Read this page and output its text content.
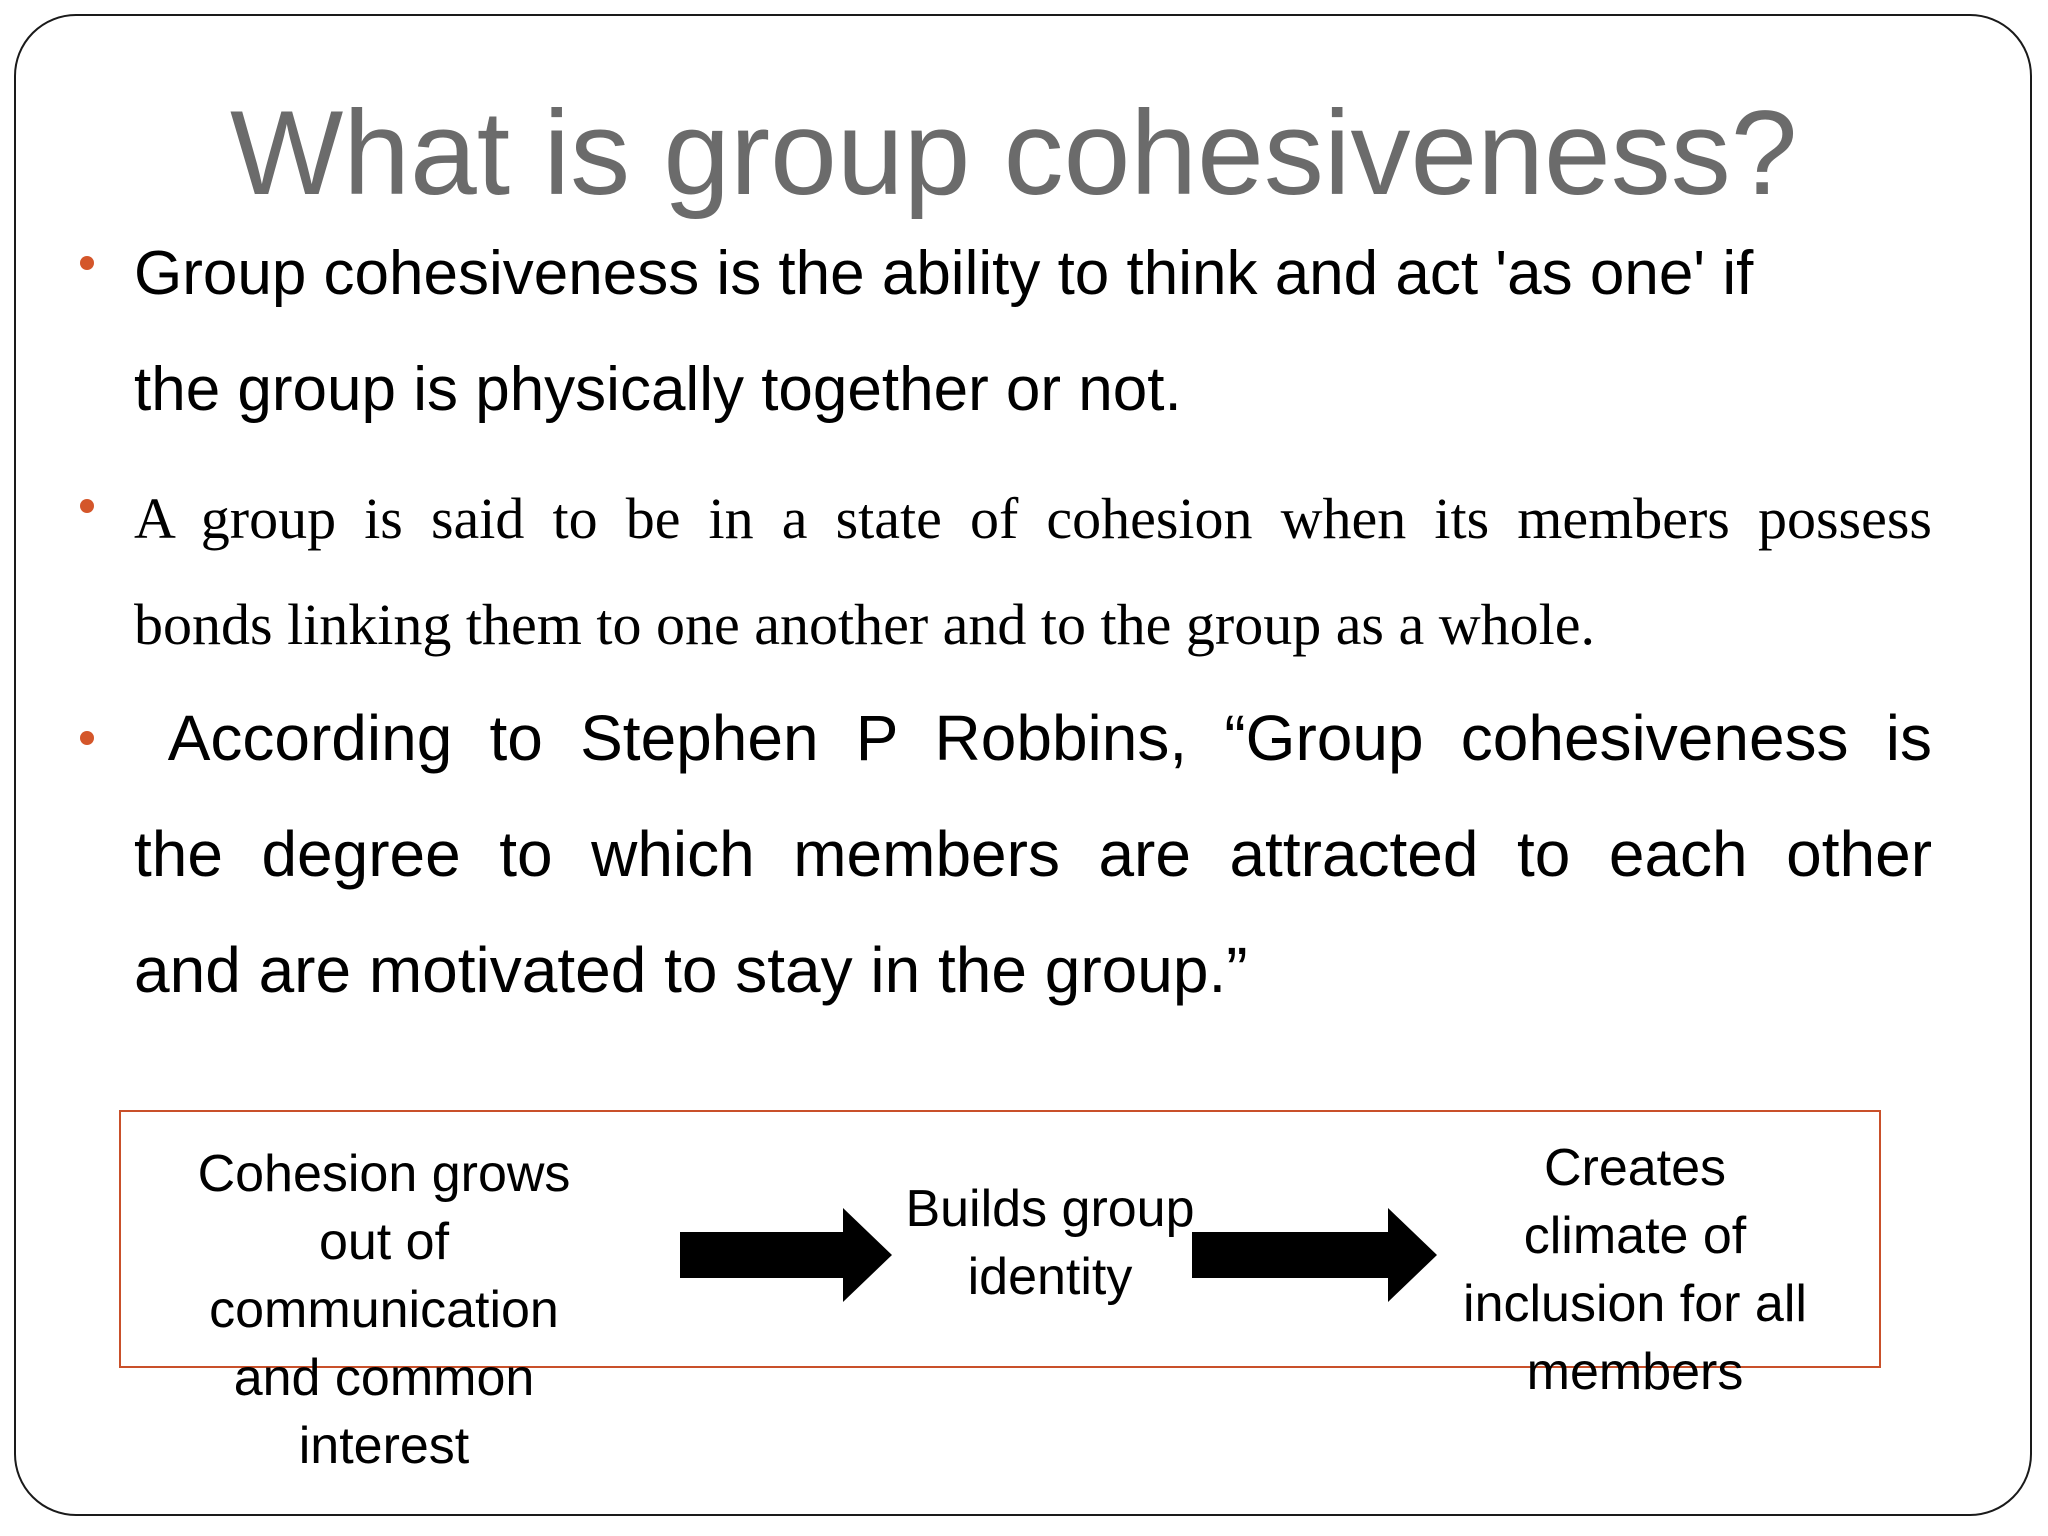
What is group cohesiveness?
Group cohesiveness is the ability to think and act 'as one' if
the group is physically together or not.
A group is said to be in a state of cohesion when its members possess
bonds linking them to one another and to the group as a whole.
According to Stephen P Robbins, “Group cohesiveness is
the degree to which members are attracted to each other
and are motivated to stay in the group.”
Cohesion grows
out of
communication
and common
interest
Builds group
identity
Creates
climate of
inclusion for all
members
